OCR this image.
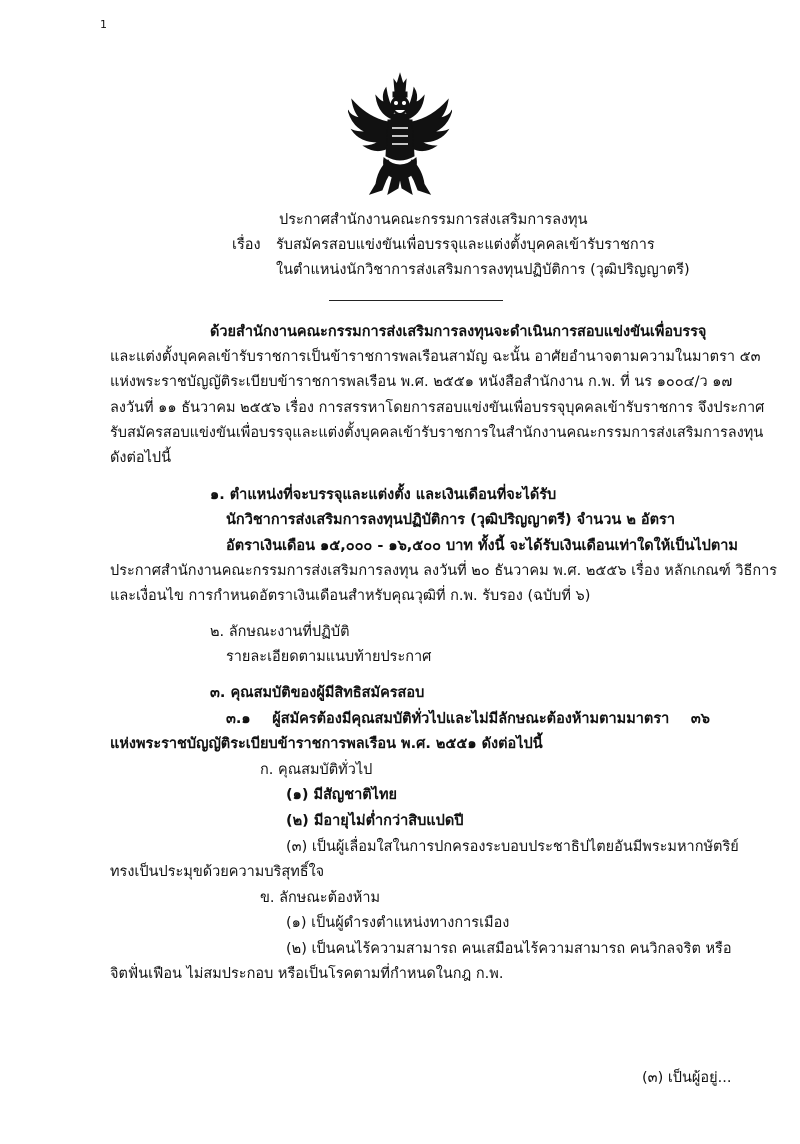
1
ประกาศสำนักงานคณะกรรมการส่งเสริมการลงทุน
เรื่อง รับสมัครสอบแข่งขันเพื่อบรรจุและแต่งตั้งบุคคลเข้ารับราชการ
ในตำแหน่งนักวิชาการส่งเสริมการลงทุนปฏิบัติการ (วุฒิปริญญาตรี)
ด้วยสำนักงานคณะกรรมการส่งเสริมการลงทุนจะดำเนินการสอบแข่งขันเพื่อบรรจุ
และแต่งตั้งบุคคลเข้ารับราชการเป็นข้าราชการพลเรือนสามัญ ฉะนั้น อาศัยอำนาจตามความในมาตรา ๕๓
แห่งพระราชบัญญัติระเบียบข้าราชการพลเรือน พ.ศ. ๒๕๕๑ หนังสือสำนักงาน ก.พ. ที่ นร ๑๐๐๔/ว ๑๗
ลงวันที่ ๑๑ ธันวาคม ๒๕๕๖ เรื่อง การสรรหาโดยการสอบแข่งขันเพื่อบรรจุบุคคลเข้ารับราชการ จึงประกาศ
รับสมัครสอบแข่งขันเพื่อบรรจุและแต่งตั้งบุคคลเข้ารับราชการในสำนักงานคณะกรรมการส่งเสริมการลงทุน
ดังต่อไปนี้
๑. ตำแหน่งที่จะบรรจุและแต่งตั้ง และเงินเดือนที่จะได้รับ
นักวิชาการส่งเสริมการลงทุนปฏิบัติการ (วุฒิปริญญาตรี) จำนวน ๒ อัตรา
อัตราเงินเดือน ๑๕,๐๐๐ - ๑๖,๕๐๐ บาท ทั้งนี้ จะได้รับเงินเดือนเท่าใดให้เป็นไปตาม
ประกาศสำนักงานคณะกรรมการส่งเสริมการลงทุน ลงวันที่ ๒๐ ธันวาคม พ.ศ. ๒๕๕๖ เรื่อง หลักเกณฑ์ วิธีการ
และเงื่อนไข การกำหนดอัตราเงินเดือนสำหรับคุณวุฒิที่ ก.พ. รับรอง (ฉบับที่ ๖)
๒. ลักษณะงานที่ปฏิบัติ
รายละเอียดตามแนบท้ายประกาศ
๓. คุณสมบัติของผู้มีสิทธิสมัครสอบ
๓.๑ ผู้สมัครต้องมีคุณสมบัติทั่วไปและไม่มีลักษณะต้องห้ามตามมาตรา ๓๖
แห่งพระราชบัญญัติระเบียบข้าราชการพลเรือน พ.ศ. ๒๕๕๑ ดังต่อไปนี้
ก. คุณสมบัติทั่วไป
(๑) มีสัญชาติไทย
(๒) มีอายุไม่ต่ำกว่าสิบแปดปี
(๓) เป็นผู้เลื่อมใสในการปกครองระบอบประชาธิปไตยอันมีพระมหากษัตริย์
ทรงเป็นประมุขด้วยความบริสุทธิ์ใจ
ข. ลักษณะต้องห้าม
(๑) เป็นผู้ดำรงตำแหน่งทางการเมือง
(๒) เป็นคนไร้ความสามารถ คนเสมือนไร้ความสามารถ คนวิกลจริต หรือ
จิตฟั่นเฟือน ไม่สมประกอบ หรือเป็นโรคตามที่กำหนดในกฎ ก.พ.
(๓) เป็นผู้อยู่...
